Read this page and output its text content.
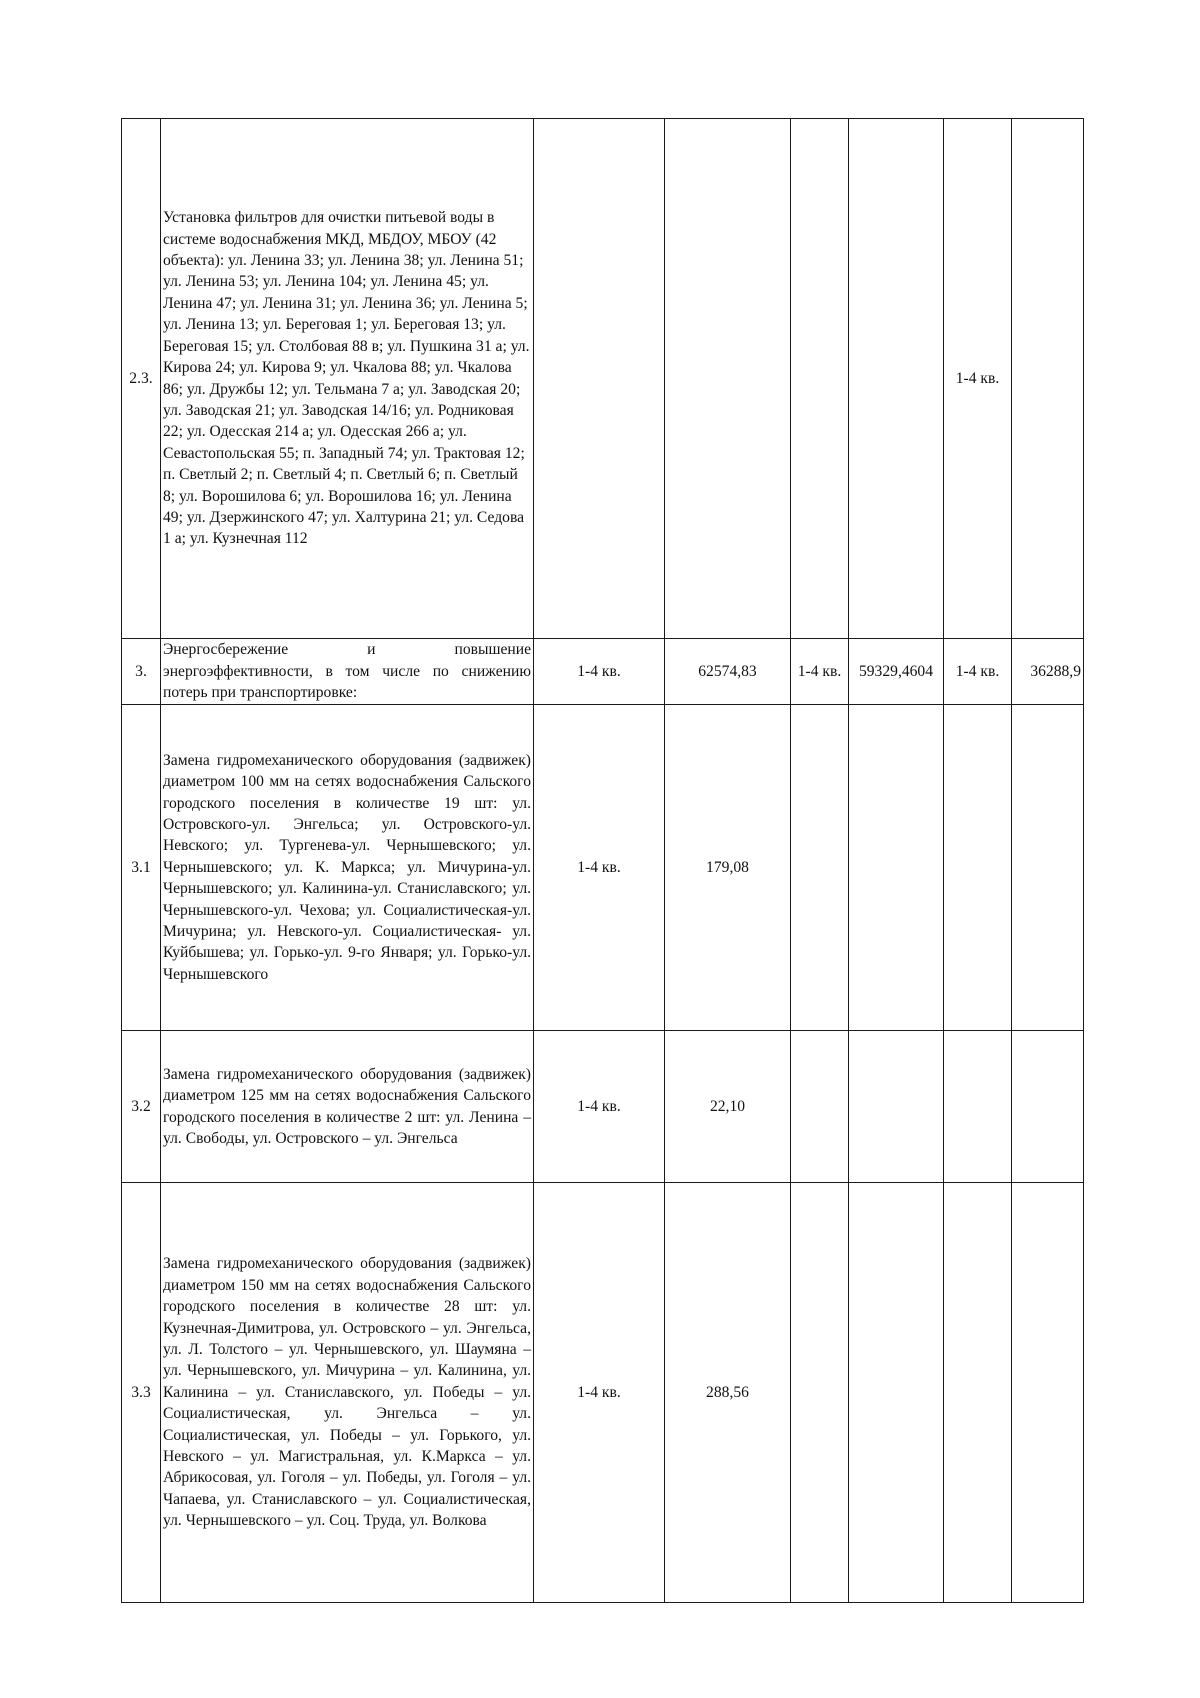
2.3.	Установка фильтров для очистки питьевой воды в системе водоснабжения МКД, МБДОУ, МБОУ (42 объекта): ул. Ленина 33; ул. Ленина 38; ул. Ленина 51; ул. Ленина 53; ул. Ленина 104; ул. Ленина 45; ул. Ленина 47; ул. Ленина 31; ул. Ленина 36; ул. Ленина 5; ул. Ленина 13; ул. Береговая 1; ул. Береговая 13; ул. Береговая 15; ул. Столбовая 88 в; ул. Пушкина 31 а; ул. Кирова 24; ул. Кирова 9; ул. Чкалова 88; ул. Чкалова 86; ул. Дружбы 12; ул. Тельмана 7 а; ул. Заводская 20; ул. Заводская 21; ул. Заводская 14/16; ул. Родниковая 22; ул. Одесская 214 а; ул. Одесская 266 а; ул. Севастопольская 55; п. Западный 74; ул. Трактовая 12; п. Светлый 2; п. Светлый 4; п. Светлый 6; п. Светлый 8; ул. Ворошилова 6; ул. Ворошилова 16; ул. Ленина 49; ул. Дзержинского 47; ул. Халтурина 21; ул. Седова 1 а; ул. Кузнечная 112					1-4 кв.	
3.	Энергосбережение и повышение энергоэффективности, в том числе по снижению потерь при транспортировке:	1-4 кв.	62574,83	1-4 кв.	59329,4604	1-4 кв.	36288,9
3.1	Замена гидромеханического оборудования (задвижек) диаметром 100 мм на сетях водоснабжения Сальского городского поселения в количестве 19 шт: ул. Островского-ул. Энгельса; ул. Островского-ул. Невского; ул. Тургенева-ул. Чернышевского; ул. Чернышевского; ул. К. Маркса; ул. Мичурина-ул. Чернышевского; ул. Калинина-ул. Станиславского; ул. Чернышевского-ул. Чехова; ул. Социалистическая-ул. Мичурина; ул. Невского-ул. Социалистическая- ул. Куйбышева; ул. Горько-ул. 9-го Января; ул. Горько-ул. Чернышевского	1-4 кв.	179,08				
3.2	Замена гидромеханического оборудования (задвижек) диаметром 125 мм на сетях водоснабжения Сальского городского поселения в количестве 2 шт: ул. Ленина – ул. Свободы, ул. Островского – ул. Энгельса	1-4 кв.	22,10				
3.3	Замена гидромеханического оборудования (задвижек) диаметром 150 мм на сетях водоснабжения Сальского городского поселения в количестве 28 шт: ул. Кузнечная-Димитрова, ул. Островского – ул. Энгельса, ул. Л. Толстого – ул. Чернышевского, ул. Шаумяна – ул. Чернышевского, ул. Мичурина – ул. Калинина, ул. Калинина – ул. Станиславского, ул. Победы – ул. Социалистическая, ул. Энгельса – ул. Социалистическая, ул. Победы – ул. Горького, ул. Невского – ул. Магистральная, ул. К.Маркса – ул. Абрикосовая, ул. Гоголя – ул. Победы, ул. Гоголя – ул. Чапаева, ул. Станиславского – ул. Социалистическая, ул. Чернышевского – ул. Соц. Труда, ул. Волкова	1-4 кв.	288,56				
